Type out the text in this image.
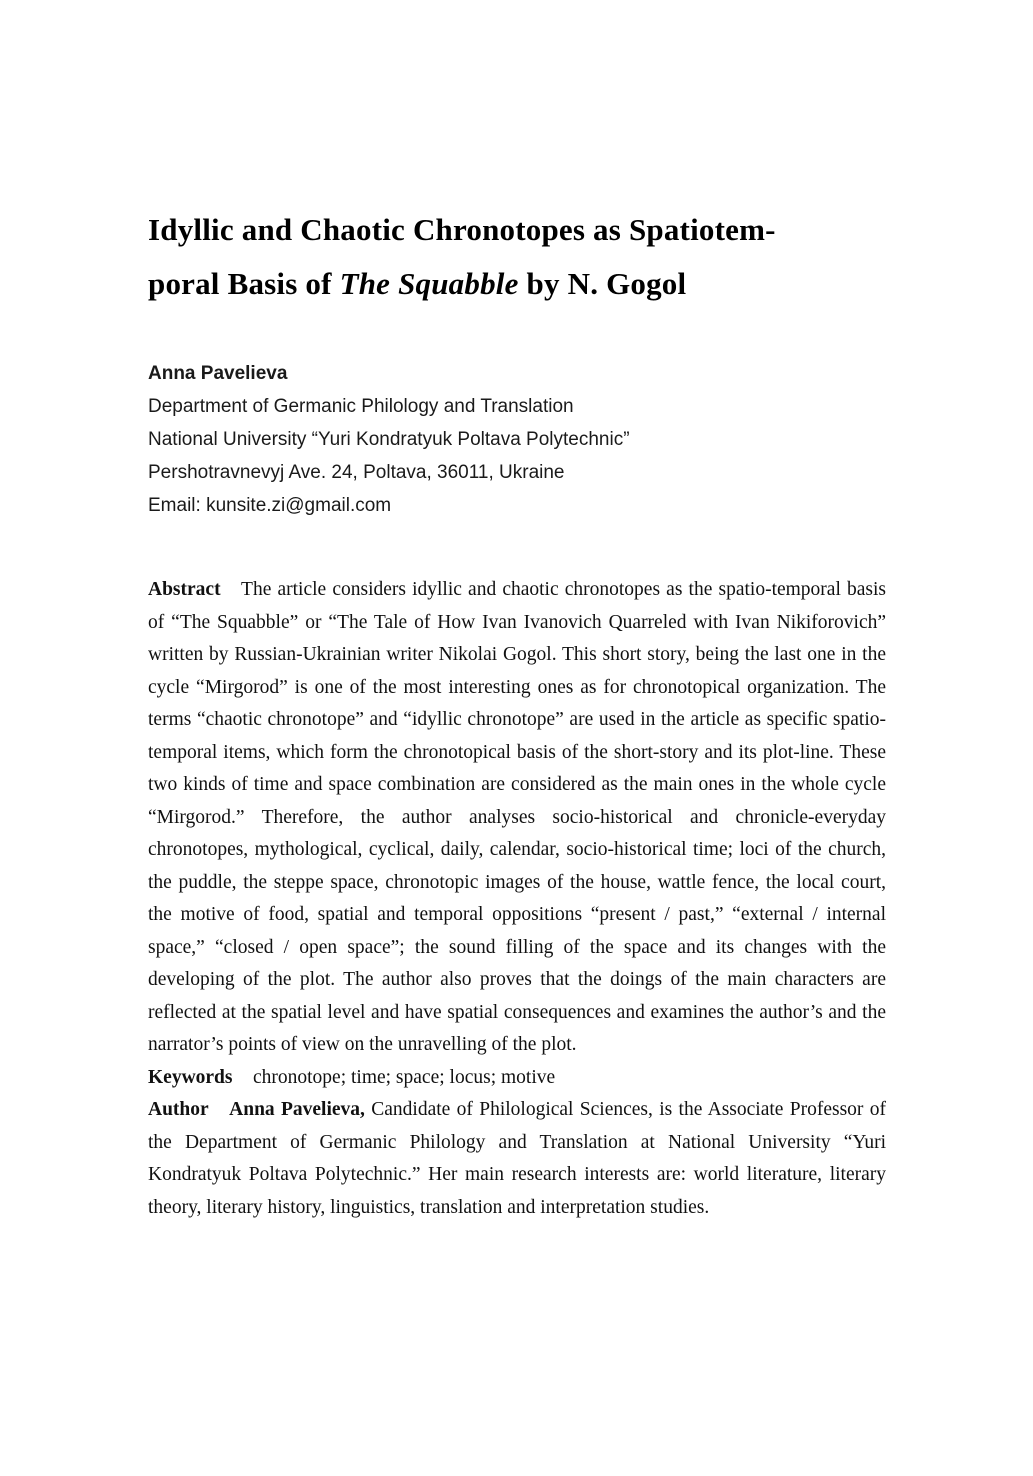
Idyllic and Chaotic Chronotopes as Spatiotem-
poral Basis of The Squabble by N. Gogol

Anna Pavelieva

Department of Germanic Philology and Translation

National University “Yuri Kondratyuk Poltava Polytechnic”

Pershotravnevyj Ave. 24, Poltava, 36011, Ukraine

Email: kunsite.zi@gmail.com

Abstract The article considers idyllic and chaotic chronotopes as the spatio-temporal basis of “The Squabble” or “The Tale of How Ivan Ivanovich Quarreled with Ivan Nikiforovich” written by Russian-Ukrainian writer Nikolai Gogol. This short story, being the last one in the cycle “Mirgorod” is one of the most interesting ones as for chronotopical organization. The terms “chaotic chronotope” and “idyllic chronotope” are used in the article as specific spatio-temporal items, which form the chronotopical basis of the short-story and its plot-line. These two kinds of time and space combination are considered as the main ones in the whole cycle “Mirgorod.” Therefore, the author analyses socio-historical and chronicle-everyday chronotopes, mythological, cyclical, daily, calendar, socio-historical time; loci of the church, the puddle, the steppe space, chronotopic images of the house, wattle fence, the local court, the motive of food, spatial and temporal oppositions “present / past,” “external / internal space,” “closed / open space”; the sound filling of the space and its changes with the developing of the plot. The author also proves that the doings of the main characters are reflected at the spatial level and have spatial consequences and examines the author’s and the narrator’s points of view on the unravelling of the plot.

Keywords chronotope; time; space; locus; motive

Author Anna Pavelieva, Candidate of Philological Sciences, is the Associate Professor of the Department of Germanic Philology and Translation at National University “Yuri Kondratyuk Poltava Polytechnic.” Her main research interests are: world literature, literary theory, literary history, linguistics, translation and interpretation studies.
